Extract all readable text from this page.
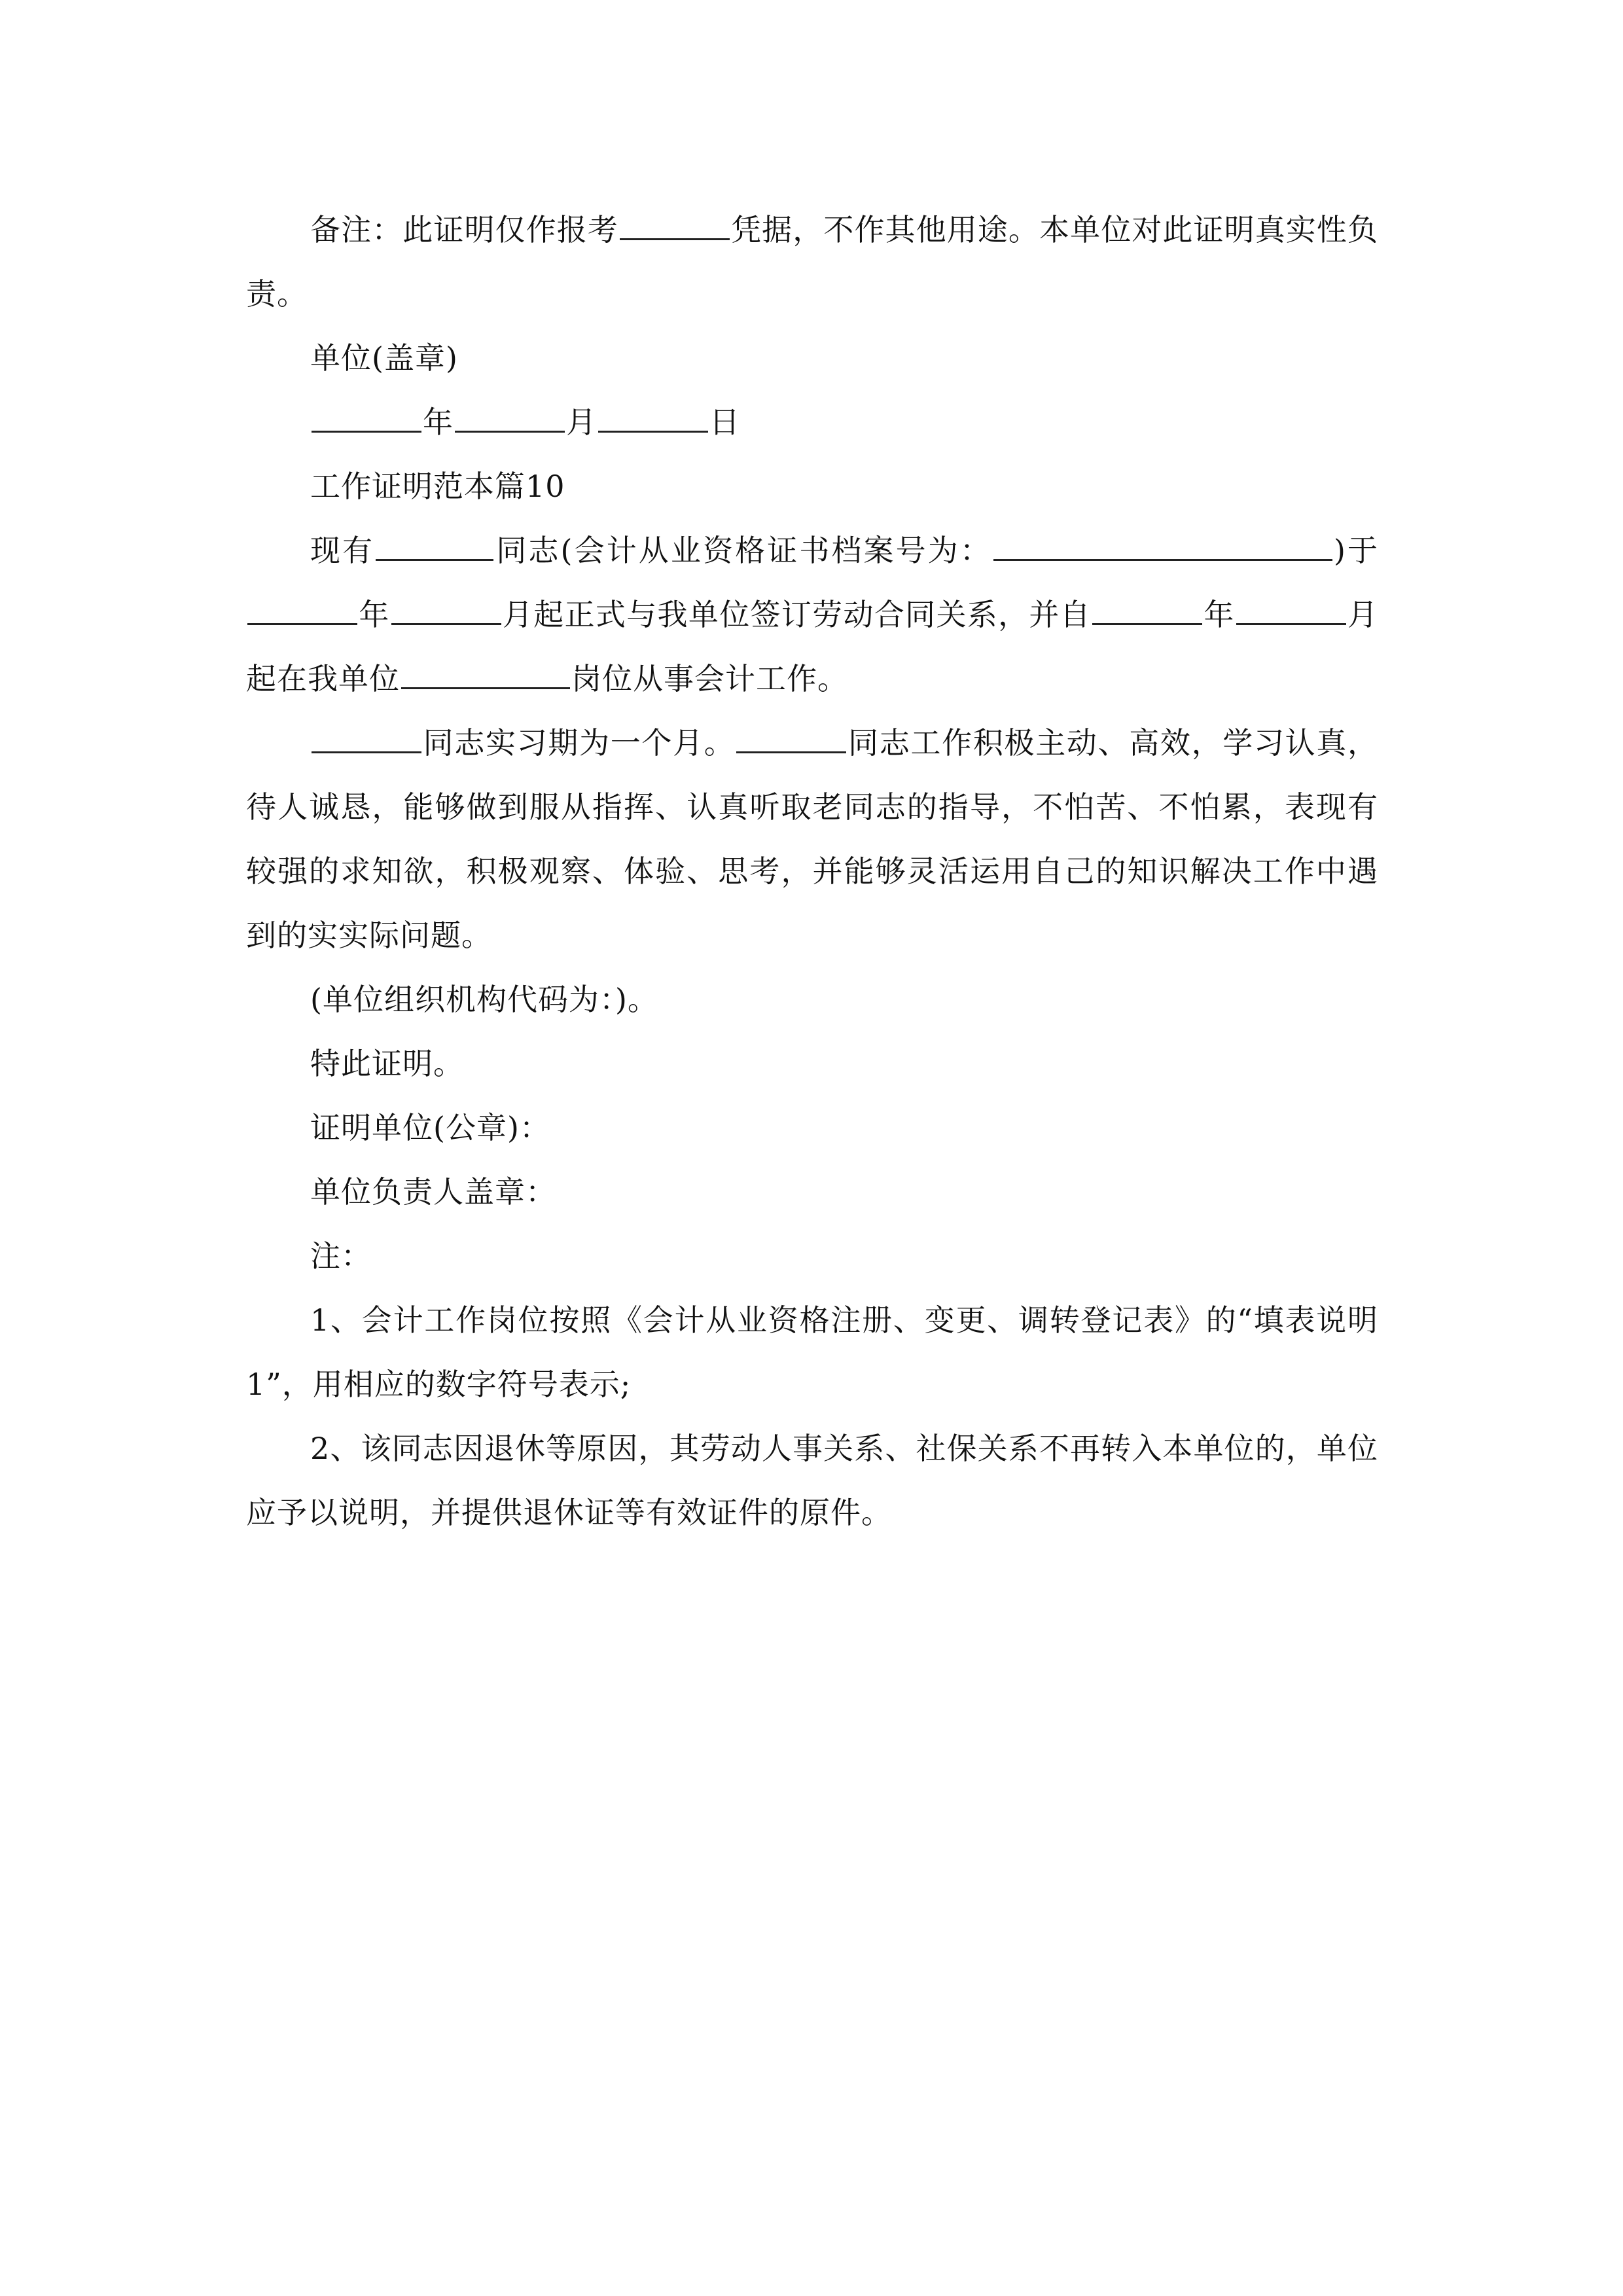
备注：此证明仅作报考	凭据，不作其他用途。本单位对此证明真实性负责。

单位(盖章)

年	月	日

工作证明范本篇10

现有	同志(会计从业资格证书档案号为：	)于年	月起正式与我单位签订劳动合同关系，并自	年	月起在我单位	岗位从事会计工作。

同志实习期为一个月。	同志工作积极主动、高效，学习认真，待人诚恳，能够做到服从指挥、认真听取老同志的指导，不怕苦、不怕累，表现有较强的求知欲，积极观察、体验、思考，并能够灵活运用自己的知识解决工作中遇到的实实际问题。

(单位组织机构代码为：)。

特此证明。

证明单位(公章)：

单位负责人盖章：

注：

1、会计工作岗位按照《会计从业资格注册、变更、调转登记表》的“填表说明1”，用相应的数字符号表示;

2、该同志因退休等原因，其劳动人事关系、社保关系不再转入本单位的，单位应予以说明，并提供退休证等有效证件的原件。
